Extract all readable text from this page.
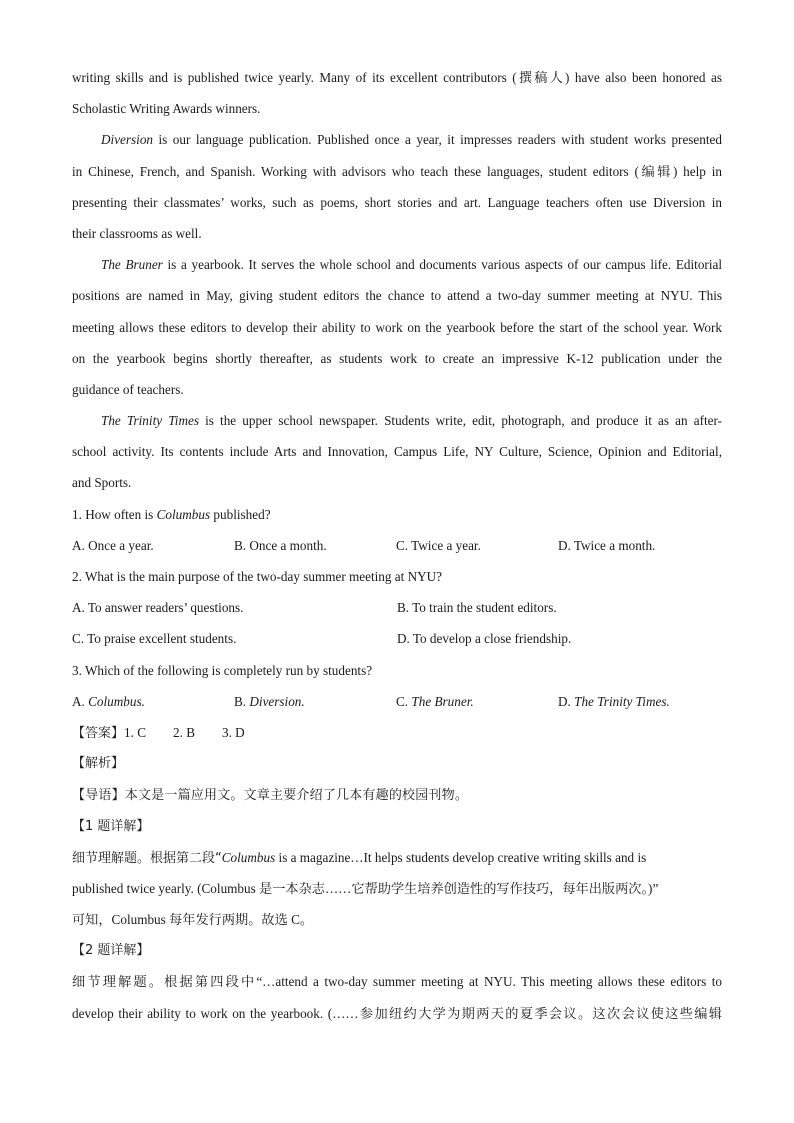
writing skills and is published twice yearly. Many of its excellent contributors (撰稿人) have also been honored as
Scholastic Writing Awards winners.
Diversion is our language publication. Published once a year, it impresses readers with student works presented
in Chinese, French, and Spanish. Working with advisors who teach these languages, student editors (编辑) help in
presenting their classmates’ works, such as poems, short stories and art. Language teachers often use Diversion in
their classrooms as well.
The Bruner is a yearbook. It serves the whole school and documents various aspects of our campus life. Editorial
positions are named in May, giving student editors the chance to attend a two-day summer meeting at NYU. This
meeting allows these editors to develop their ability to work on the yearbook before the start of the school year. Work
on the yearbook begins shortly thereafter, as students work to create an impressive K-12 publication under the
guidance of teachers.
The Trinity Times is the upper school newspaper. Students write, edit, photograph, and produce it as an after-
school activity. Its contents include Arts and Innovation, Campus Life, NY Culture, Science, Opinion and Editorial,
and Sports.
1. How often is Columbus published?
A. Once a year.	B. Once a month.	C. Twice a year.	D. Twice a month.
2. What is the main purpose of the two-day summer meeting at NYU?
A. To answer readers’ questions.	B. To train the student editors.
C. To praise excellent students.	D. To develop a close friendship.
3. Which of the following is completely run by students?
A. Columbus.	B. Diversion.	C. The Bruner.	D. The Trinity Times.
【答案】1. C 2. B 3. D
【解析】
【导语】本文是一篇应用文。文章主要介绍了几本有趣的校园刊物。
【1 题详解】
细节理解题。根据第二段“Columbus is a magazine…It helps students develop creative writing skills and is
published twice yearly. (Columbus 是一本杂志……它帮助学生培养创造性的写作技巧，每年出版两次。)”
可知，Columbus 每年发行两期。故选 C。
【2 题详解】
细节理解题。根据第四段中“…attend a two-day summer meeting at NYU. This meeting allows these editors to
develop their ability to work on the yearbook. (……参加纽约大学为期两天的夏季会议。这次会议使这些编辑
